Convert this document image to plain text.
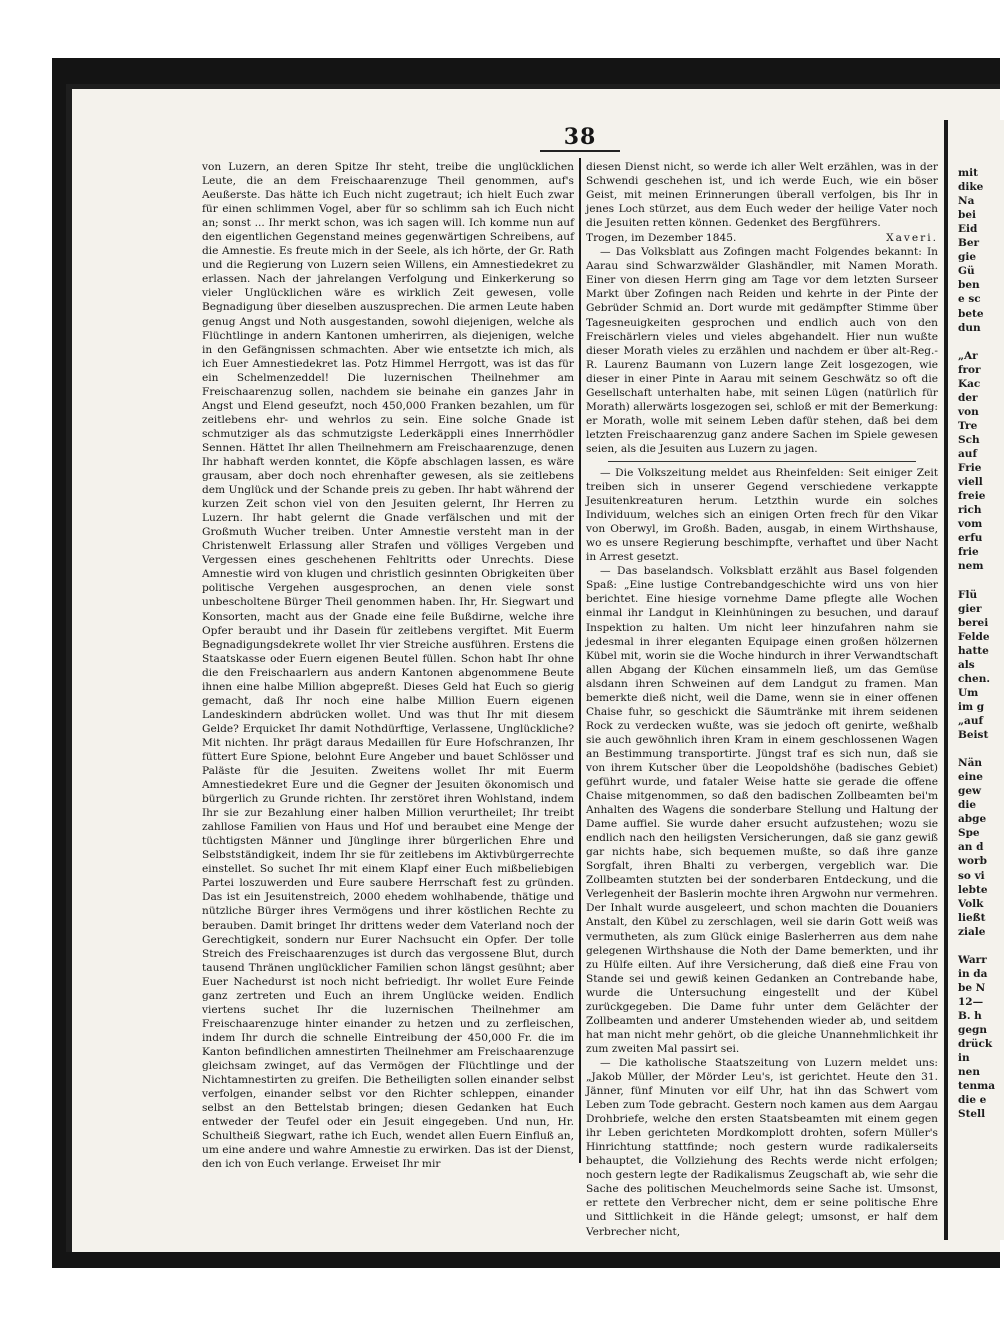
38

von Luzern, an deren Spitze Ihr steht, treibe die unglücklichen Leute, die an dem Freischaarenzuge Theil genommen, auf's Aeußerste. Das hätte ich Euch nicht zugetraut; ich hielt Euch zwar für einen schlimmen Vogel, aber für so schlimm sah ich Euch nicht an; sonst ... Ihr merkt schon, was ich sagen will. Ich komme nun auf den eigentlichen Gegenstand meines gegenwärtigen Schreibens, auf die Amnestie. Es freute mich in der Seele, als ich hörte, der Gr. Rath und die Regierung von Luzern seien Willens, ein Amnestiedekret zu erlassen. Nach der jahrelangen Verfolgung und Einkerkerung so vieler Unglücklichen wäre es wirklich Zeit gewesen, volle Begnadigung über dieselben auszusprechen. Die armen Leute haben genug Angst und Noth ausgestanden, sowohl diejenigen, welche als Flüchtlinge in andern Kantonen umherirren, als diejenigen, welche in den Gefängnissen schmachten. Aber wie entsetzte ich mich, als ich Euer Amnestiedekret las. Potz Himmel Herrgott, was ist das für ein Schelmenzeddel! Die luzernischen Theilnehmer am Freischaarenzug sollen, nachdem sie beinahe ein ganzes Jahr in Angst und Elend geseufzt, noch 450,000 Franken bezahlen, um für zeitlebens ehr- und wehrlos zu sein. Eine solche Gnade ist schmutziger als das schmutzigste Lederkäppli eines Innerrhödler Sennen. Hättet Ihr allen Theilnehmern am Freischaarenzuge, denen Ihr habhaft werden konntet, die Köpfe abschlagen lassen, es wäre grausam, aber doch noch ehrenhafter gewesen, als sie zeitlebens dem Unglück und der Schande preis zu geben. Ihr habt während der kurzen Zeit schon viel von den Jesuiten gelernt, Ihr Herren zu Luzern. Ihr habt gelernt die Gnade verfälschen und mit der Großmuth Wucher treiben. Unter Amnestie versteht man in der Christenwelt Erlassung aller Strafen und völliges Vergeben und Vergessen eines geschehenen Fehltritts oder Unrechts. Diese Amnestie wird von klugen und christlich gesinnten Obrigkeiten über politische Vergehen ausgesprochen, an denen viele sonst unbescholtene Bürger Theil genommen haben. Ihr, Hr. Siegwart und Konsorten, macht aus der Gnade eine feile Bußdirne, welche ihre Opfer beraubt und ihr Dasein für zeitlebens vergiftet. Mit Euerm Begnadigungsdekrete wollet Ihr vier Streiche ausführen. Erstens die Staatskasse oder Euern eigenen Beutel füllen. Schon habt Ihr ohne die den Freischaarlern aus andern Kantonen abgenommene Beute ihnen eine halbe Million abgepreßt. Dieses Geld hat Euch so gierig gemacht, daß Ihr noch eine halbe Million Euern eigenen Landeskindern abdrücken wollet. Und was thut Ihr mit diesem Gelde? Erquicket Ihr damit Nothdürftige, Verlassene, Unglückliche? Mit nichten. Ihr prägt daraus Medaillen für Eure Hofschranzen, Ihr füttert Eure Spione, belohnt Eure Angeber und bauet Schlösser und Paläste für die Jesuiten. Zweitens wollet Ihr mit Euerm Amnestiedekret Eure und die Gegner der Jesuiten ökonomisch und bürgerlich zu Grunde richten. Ihr zerstöret ihren Wohlstand, indem Ihr sie zur Bezahlung einer halben Million verurtheilet; Ihr treibt zahllose Familien von Haus und Hof und beraubet eine Menge der tüchtigsten Männer und Jünglinge ihrer bürgerlichen Ehre und Selbstständigkeit, indem Ihr sie für zeitlebens im Aktivbürgerrechte einstellet. So suchet Ihr mit einem Klapf einer Euch mißbeliebigen Partei loszuwerden und Eure saubere Herrschaft fest zu gründen. Das ist ein Jesuitenstreich, 2000 ehedem wohlhabende, thätige und nützliche Bürger ihres Vermögens und ihrer köstlichen Rechte zu berauben. Damit bringet Ihr drittens weder dem Vaterland noch der Gerechtigkeit, sondern nur Eurer Nachsucht ein Opfer. Der tolle Streich des Freischaarenzuges ist durch das vergossene Blut, durch tausend Thränen unglücklicher Familien schon längst gesühnt; aber Euer Nachedurst ist noch nicht befriedigt. Ihr wollet Eure Feinde ganz zertreten und Euch an ihrem Unglücke weiden. Endlich viertens suchet Ihr die luzernischen Theilnehmer am Freischaarenzuge hinter einander zu hetzen und zu zerfleischen, indem Ihr durch die schnelle Eintreibung der 450,000 Fr. die im Kanton befindlichen amnestirten Theilnehmer am Freischaarenzuge gleichsam zwinget, auf das Vermögen der Flüchtlinge und der Nichtamnestirten zu greifen. Die Betheiligten sollen einander selbst verfolgen, einander selbst vor den Richter schleppen, einander selbst an den Bettelstab bringen; diesen Gedanken hat Euch entweder der Teufel oder ein Jesuit eingegeben. Und nun, Hr. Schultheiß Siegwart, rathe ich Euch, wendet allen Euern Einfluß an, um eine andere und wahre Amnestie zu erwirken. Das ist der Dienst, den ich von Euch verlange. Erweiset Ihr mir

diesen Dienst nicht, so werde ich aller Welt erzählen, was in der Schwendi geschehen ist, und ich werde Euch, wie ein böser Geist, mit meinen Erinnerungen überall verfolgen, bis Ihr in jenes Loch stürzet, aus dem Euch weder der heilige Vater noch die Jesuiten retten können. Gedenket des Bergführers.

Trogen, im Dezember 1845.	Xaveri.

— Das Volksblatt aus Zofingen macht Folgendes bekannt: In Aarau sind Schwarzwälder Glashändler, mit Namen Morath. Einer von diesen Herrn ging am Tage vor dem letzten Surseer Markt über Zofingen nach Reiden und kehrte in der Pinte der Gebrüder Schmid an. Dort wurde mit gedämpfter Stimme über Tagesneuigkeiten gesprochen und endlich auch von den Freischärlern vieles und vieles abgehandelt. Hier nun wußte dieser Morath vieles zu erzählen und nachdem er über alt-Reg.-R. Laurenz Baumann von Luzern lange Zeit losgezogen, wie dieser in einer Pinte in Aarau mit seinem Geschwätz so oft die Gesellschaft unterhalten habe, mit seinen Lügen (natürlich für Morath) allerwärts losgezogen sei, schloß er mit der Bemerkung: er Morath, wolle mit seinem Leben dafür stehen, daß bei dem letzten Freischaarenzug ganz andere Sachen im Spiele gewesen seien, als die Jesuiten aus Luzern zu jagen.

— Die Volkszeitung meldet aus Rheinfelden: Seit einiger Zeit treiben sich in unserer Gegend verschiedene verkappte Jesuitenkreaturen herum. Letzthin wurde ein solches Individuum, welches sich an einigen Orten frech für den Vikar von Oberwyl, im Großh. Baden, ausgab, in einem Wirthshause, wo es unsere Regierung beschimpfte, verhaftet und über Nacht in Arrest gesetzt.

— Das baselandsch. Volksblatt erzählt aus Basel folgenden Spaß: „Eine lustige Contrebandgeschichte wird uns von hier berichtet. Eine hiesige vornehme Dame pflegte alle Wochen einmal ihr Landgut in Kleinhüningen zu besuchen, und darauf Inspektion zu halten. Um nicht leer hinzufahren nahm sie jedesmal in ihrer eleganten Equipage einen großen hölzernen Kübel mit, worin sie die Woche hindurch in ihrer Verwandtschaft allen Abgang der Küchen einsammeln ließ, um das Gemüse alsdann ihren Schweinen auf dem Landgut zu framen. Man bemerkte dieß nicht, weil die Dame, wenn sie in einer offenen Chaise fuhr, so geschickt die Säumtränke mit ihrem seidenen Rock zu verdecken wußte, was sie jedoch oft genirte, weßhalb sie auch gewöhnlich ihren Kram in einem geschlossenen Wagen an Bestimmung transportirte. Jüngst traf es sich nun, daß sie von ihrem Kutscher über die Leopoldshöhe (badisches Gebiet) geführt wurde, und fataler Weise hatte sie gerade die offene Chaise mitgenommen, so daß den badischen Zollbeamten bei'm Anhalten des Wagens die sonderbare Stellung und Haltung der Dame auffiel. Sie wurde daher ersucht aufzustehen; wozu sie endlich nach den heiligsten Versicherungen, daß sie ganz gewiß gar nichts habe, sich bequemen mußte, so daß ihre ganze Sorgfalt, ihren Bhalti zu verbergen, vergeblich war. Die Zollbeamten stutzten bei der sonderbaren Entdeckung, und die Verlegenheit der Baslerin mochte ihren Argwohn nur vermehren. Der Inhalt wurde ausgeleert, und schon machten die Douaniers Anstalt, den Kübel zu zerschlagen, weil sie darin Gott weiß was vermutheten, als zum Glück einige Baslerherren aus dem nahe gelegenen Wirthshause die Noth der Dame bemerkten, und ihr zu Hülfe eilten. Auf ihre Versicherung, daß dieß eine Frau von Stande sei und gewiß keinen Gedanken an Contrebande habe, wurde die Untersuchung eingestellt und der Kübel zurückgegeben. Die Dame fuhr unter dem Gelächter der Zollbeamten und anderer Umstehenden wieder ab, und seitdem hat man nicht mehr gehört, ob die gleiche Unannehmlichkeit ihr zum zweiten Mal passirt sei.

— Die katholische Staatszeitung von Luzern meldet uns: „Jakob Müller, der Mörder Leu's, ist gerichtet. Heute den 31. Jänner, fünf Minuten vor eilf Uhr, hat ihn das Schwert vom Leben zum Tode gebracht. Gestern noch kamen aus dem Aargau Drohbriefe, welche den ersten Staatsbeamten mit einem gegen ihr Leben gerichteten Mordkomplott drohten, sofern Müller's Hinrichtung stattfinde; noch gestern wurde radikalerseits behauptet, die Vollziehung des Rechts werde nicht erfolgen; noch gestern legte der Radikalismus Zeugschaft ab, wie sehr die Sache des politischen Meuchelmords seine Sache ist. Umsonst, er rettete den Verbrecher nicht, dem er seine politische Ehre und Sittlichkeit in die Hände gelegt; umsonst, er half dem Verbrecher nicht,

mit
dike
Na
bei
Eid
Ber
gie
Gü
ben
e sc
bete
dun
„Ar
fror
Kac
der
von
Tre
Sch
auf
Frie
viell
freie
rich
vom
erfu
frie
nem
Flü
gier
berei
Felde
hatte
als
chen.
Um
im g
„auf
Beist
Nän
eine
gew
die
abge
Spe
an d
worb
so vi
lebte
Volk
ließt
ziale
Warr
in da
be N
12—
B. h
gegn
drück
in
nen
tenma
die e
Stell
